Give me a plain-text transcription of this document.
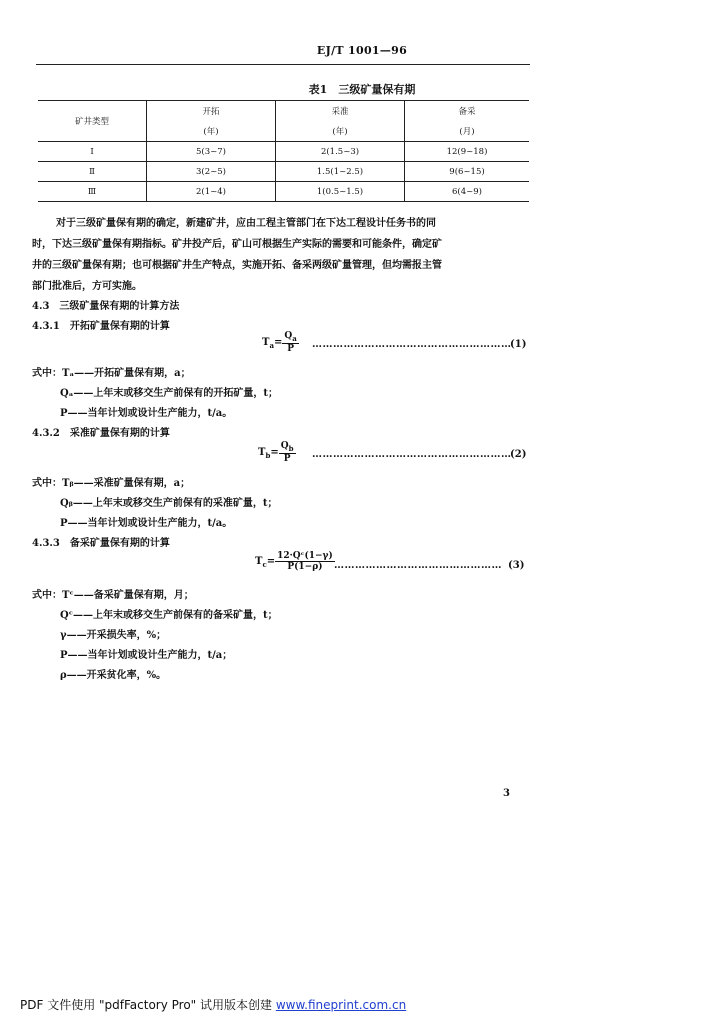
EJ/T 1001—96
表1　三级矿量保有期
矿井类型	开拓	采准	备采
	(年)	(年)	(月)
Ⅰ	5(3~7)	2(1.5~3)	12(9~18)
Ⅱ	3(2~5)	1.5(1~2.5)	9(6~15)
Ⅲ	2(1~4)	1(0.5~1.5)	6(4~9)
对于三级矿量保有期的确定，新建矿井，应由工程主管部门在下达工程设计任务书的同
时，下达三级矿量保有期指标。矿井投产后，矿山可根据生产实际的需要和可能条件，确定矿
井的三级矿量保有期；也可根据矿井生产特点，实施开拓、备采两级矿量管理，但均需报主管
部门批准后，方可实施。
4.3　三级矿量保有期的计算方法
4.3.1　开拓矿量保有期的计算
$T_a= \frac{Q_a}{P}$ …………………………………………………
(1)
式中：Tₐ——开拓矿量保有期，a；
Qₐ——上年末或移交生产前保有的开拓矿量，t；
P——当年计划或设计生产能力，t/a。
4.3.2　采准矿量保有期的计算
$T_b= \frac{Q_b}{P}$ …………………………………………………
(2)
式中：Tᵦ——采准矿量保有期，a；
Qᵦ——上年末或移交生产前保有的采准矿量，t；
P——当年计划或设计生产能力，t/a。
4.3.3　备采矿量保有期的计算
$T_c= \frac{\text{12·Qᶜ(1−γ)}}{P(1-\rho)}$ ………………………………………… (3)
式中：Tᶜ——备采矿量保有期，月；
Qᶜ——上年末或移交生产前保有的备采矿量，t；
γ——开采损失率，%；
P——当年计划或设计生产能力，t/a；
ρ——开采贫化率，%。
3
PDF 文件使用 "pdfFactory Pro" 试用版本创建 www.fineprint.com.cn
